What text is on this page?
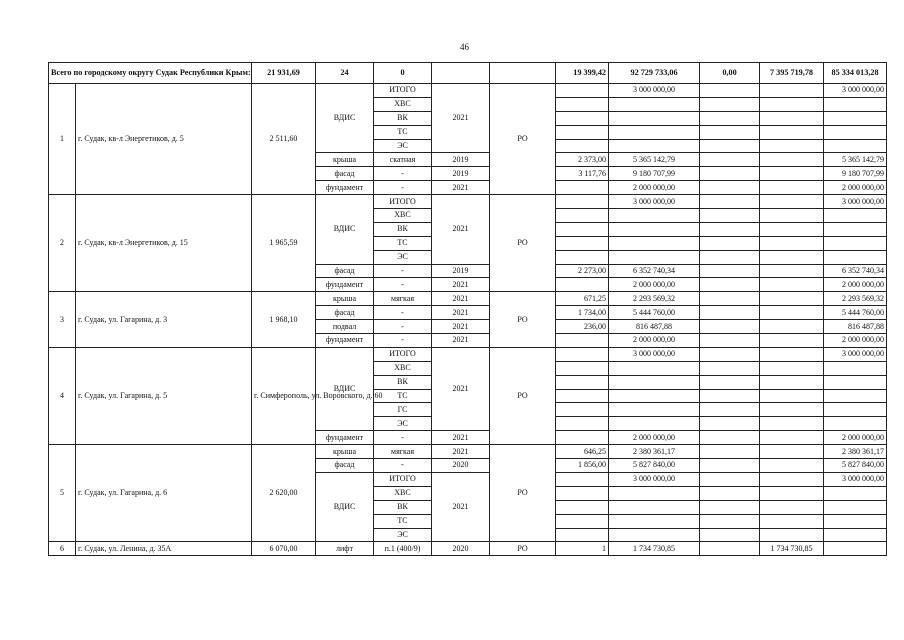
46
Всего по городскому округу Судак Республики Крым:		21 931,69	24	0			19 399,42	92 729 733,06	0,00	7 395 719,78	85 334 013,28
1	г. Судак, кв-л Энергетиков, д. 5	2 511,60	ВДИС	ИТОГО	2021	РО		3 000 000,00			3 000 000,00
				ХВС							
				ВК							
				ТС							
				ЭС							
			крыша	скатная	2019		2 373,00	5 365 142,79			5 365 142,79
			фасад	-	2019		3 117,76	9 180 707,99			9 180 707,99
			фундамент	-	2021			2 000 000,00			2 000 000,00
2	г. Судак, кв-л Энергетиков, д. 15	1 965,59	ВДИС	ИТОГО	2021	РО		3 000 000,00			3 000 000,00
				ХВС							
				ВК							
				ТС							
				ЭС							
			фасад	-	2019		2 273,00	6 352 740,34			6 352 740,34
			фундамент	-	2021			2 000 000,00			2 000 000,00
3	г. Судак, ул. Гагарина, д. 3	1 968,10	крыша	мягкая	2021	РО	671,25	2 293 569,32			2 293 569,32
			фасад	-	2021		1 734,00	5 444 760,00			5 444 760,00
			подвал	-	2021		236,00	816 487,88			816 487,88
			фундамент	-	2021			2 000 000,00			2 000 000,00
4	г. Судак, ул. Гагарина, д. 5	г. Симферополь, ул. Воровского, д. 60	ВДИС	ИТОГО	2021	РО		3 000 000,00			3 000 000,00
				ХВС							
				ВК							
				ТС							
				ГС							
				ЭС							
			фундамент	-	2021			2 000 000,00			2 000 000,00
5	г. Судак, ул. Гагарина, д. 6	2 620,00	крыша	мягкая	2021	РО	646,25	2 380 361,17			2 380 361,17
			фасад	-	2020		1 856,00	5 827 840,00			5 827 840,00
			ВДИС	ИТОГО	2021			3 000 000,00			3 000 000,00
				ХВС							
				ВК							
				ТС							
				ЭС							
6	г. Судак, ул. Ленина, д. 35А	6 070,00	лифт	п.1 (400/9)	2020	РО	1	1 734 730,85		1 734 730,85	
